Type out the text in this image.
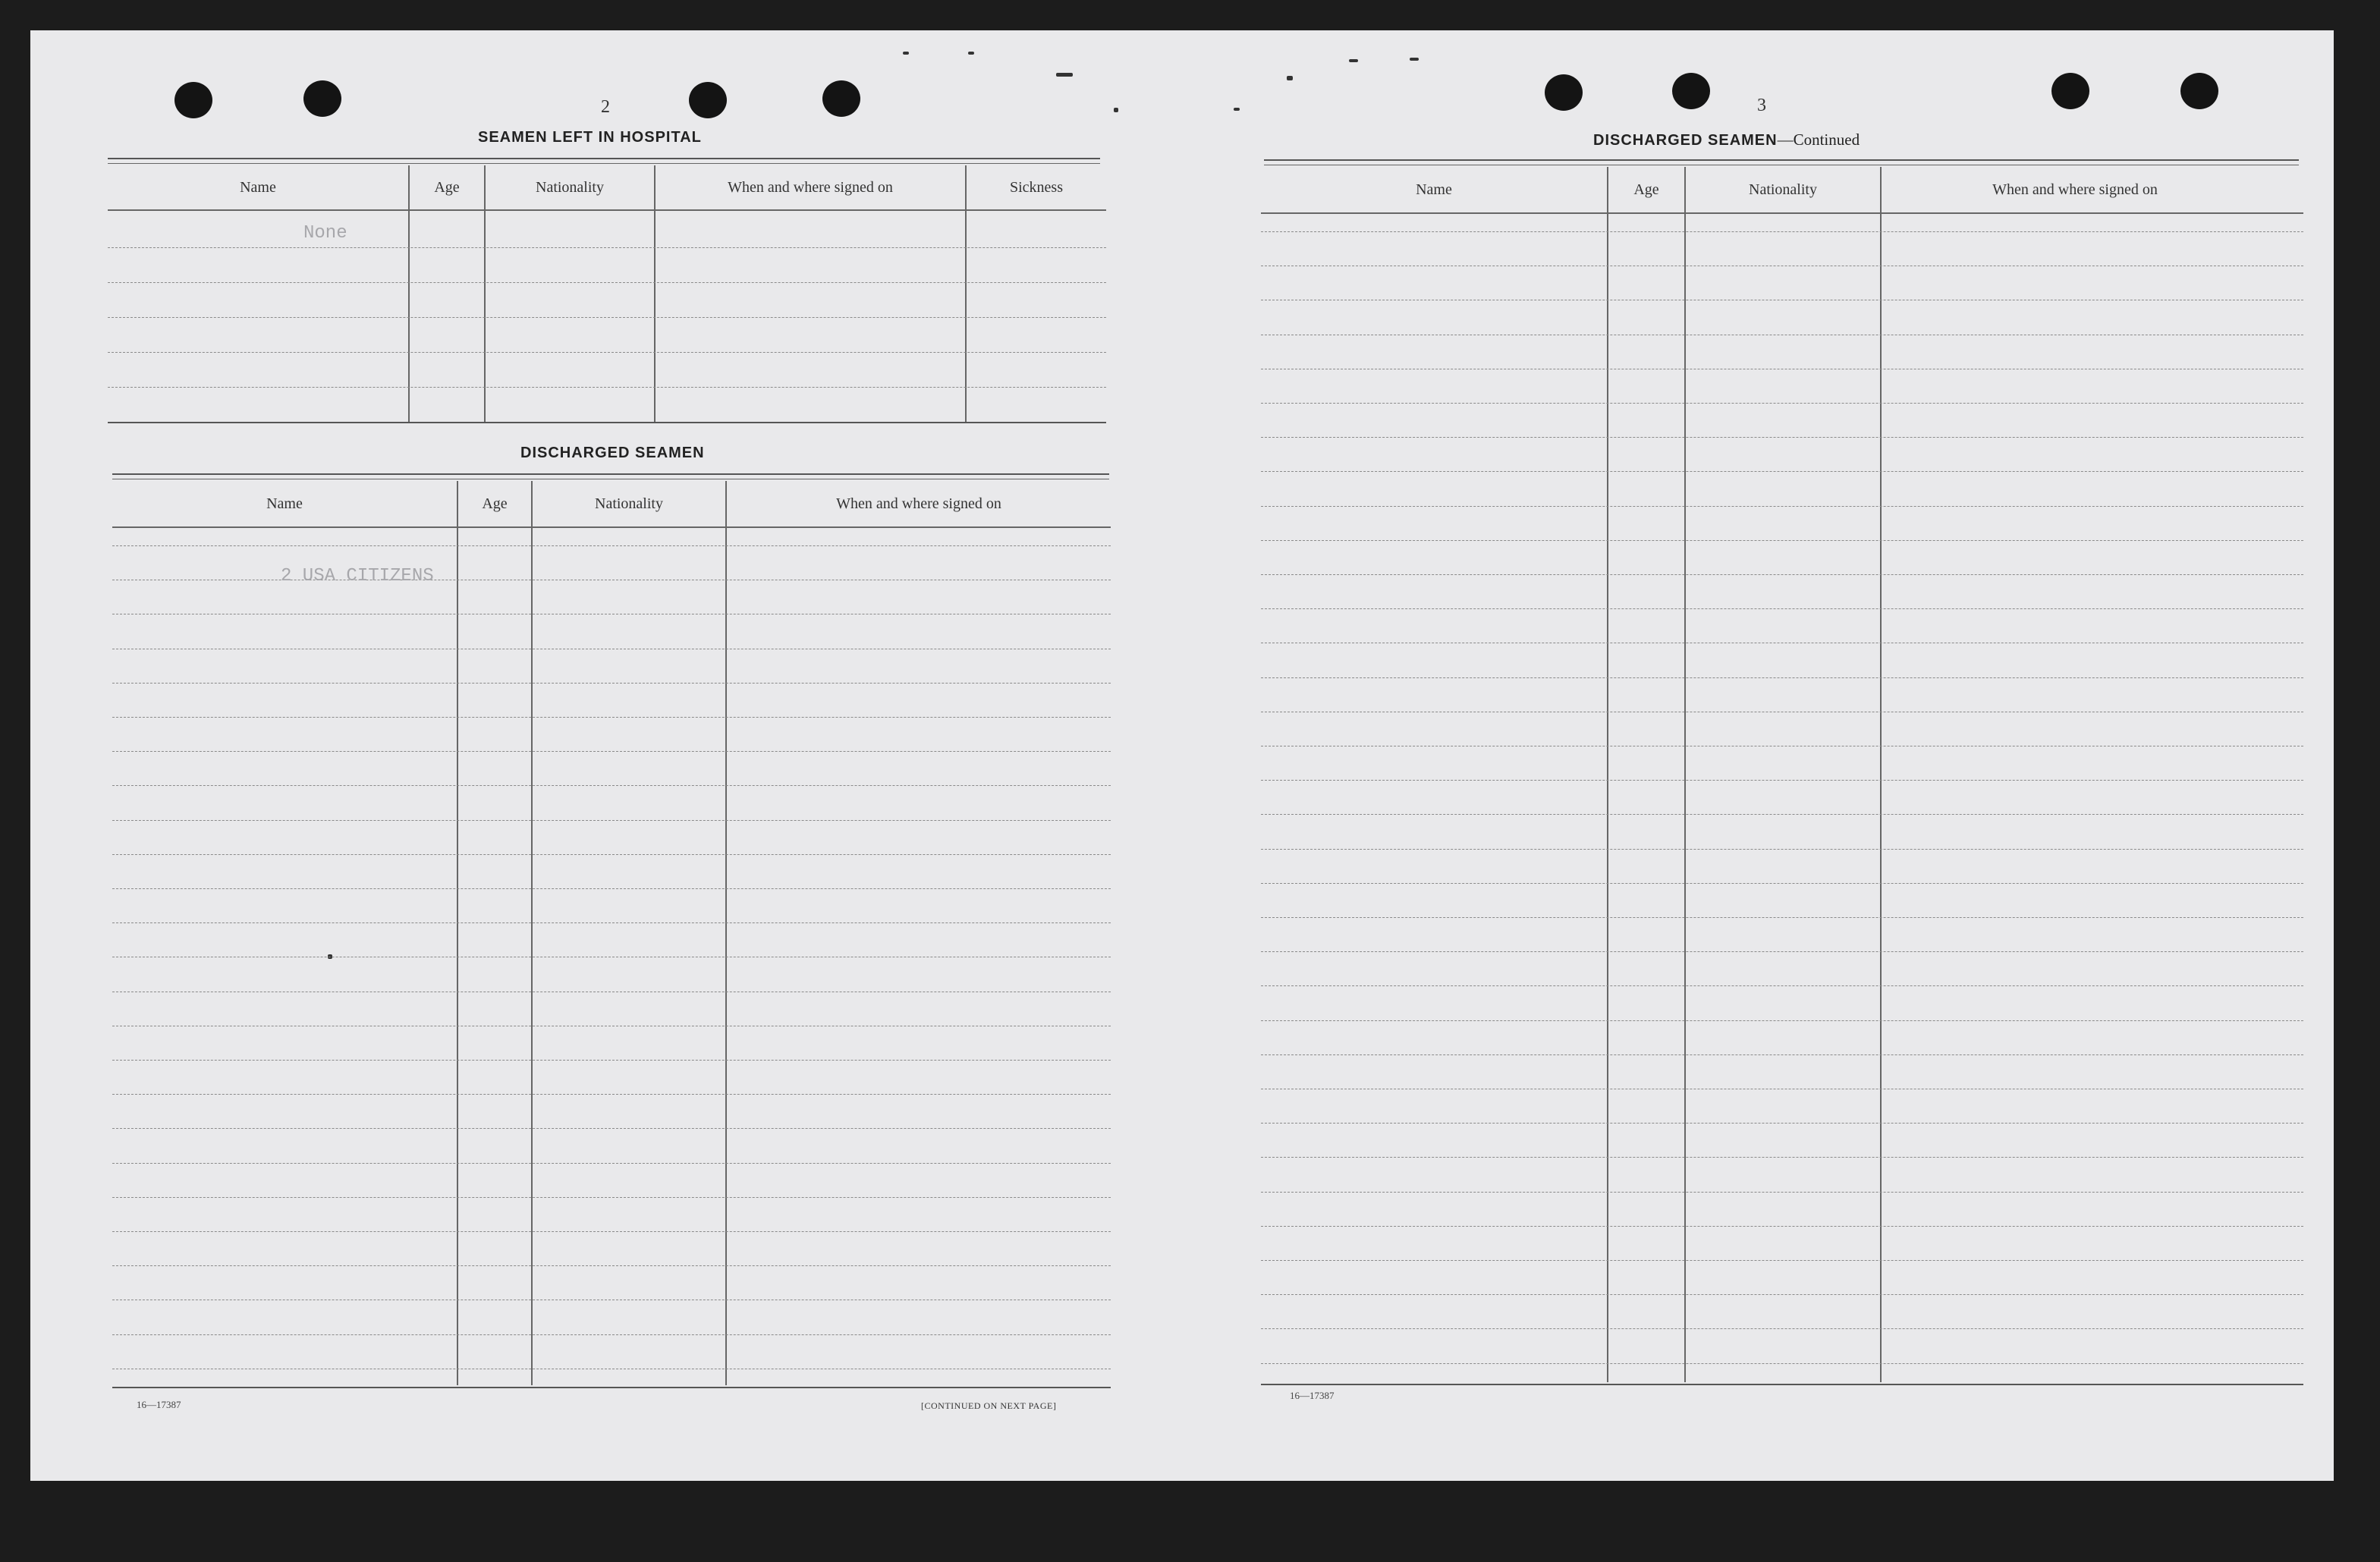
2
SEAMEN LEFT IN HOSPITAL
Name	Age	Nationality	When and where signed on	Sickness
None
DISCHARGED SEAMEN
Name	Age	Nationality	When and where signed on
2 USA CITIZENS
16—17387	[CONTINUED ON NEXT PAGE]
3
DISCHARGED SEAMEN—Continued
Name	Age	Nationality	When and where signed on
16—17387
